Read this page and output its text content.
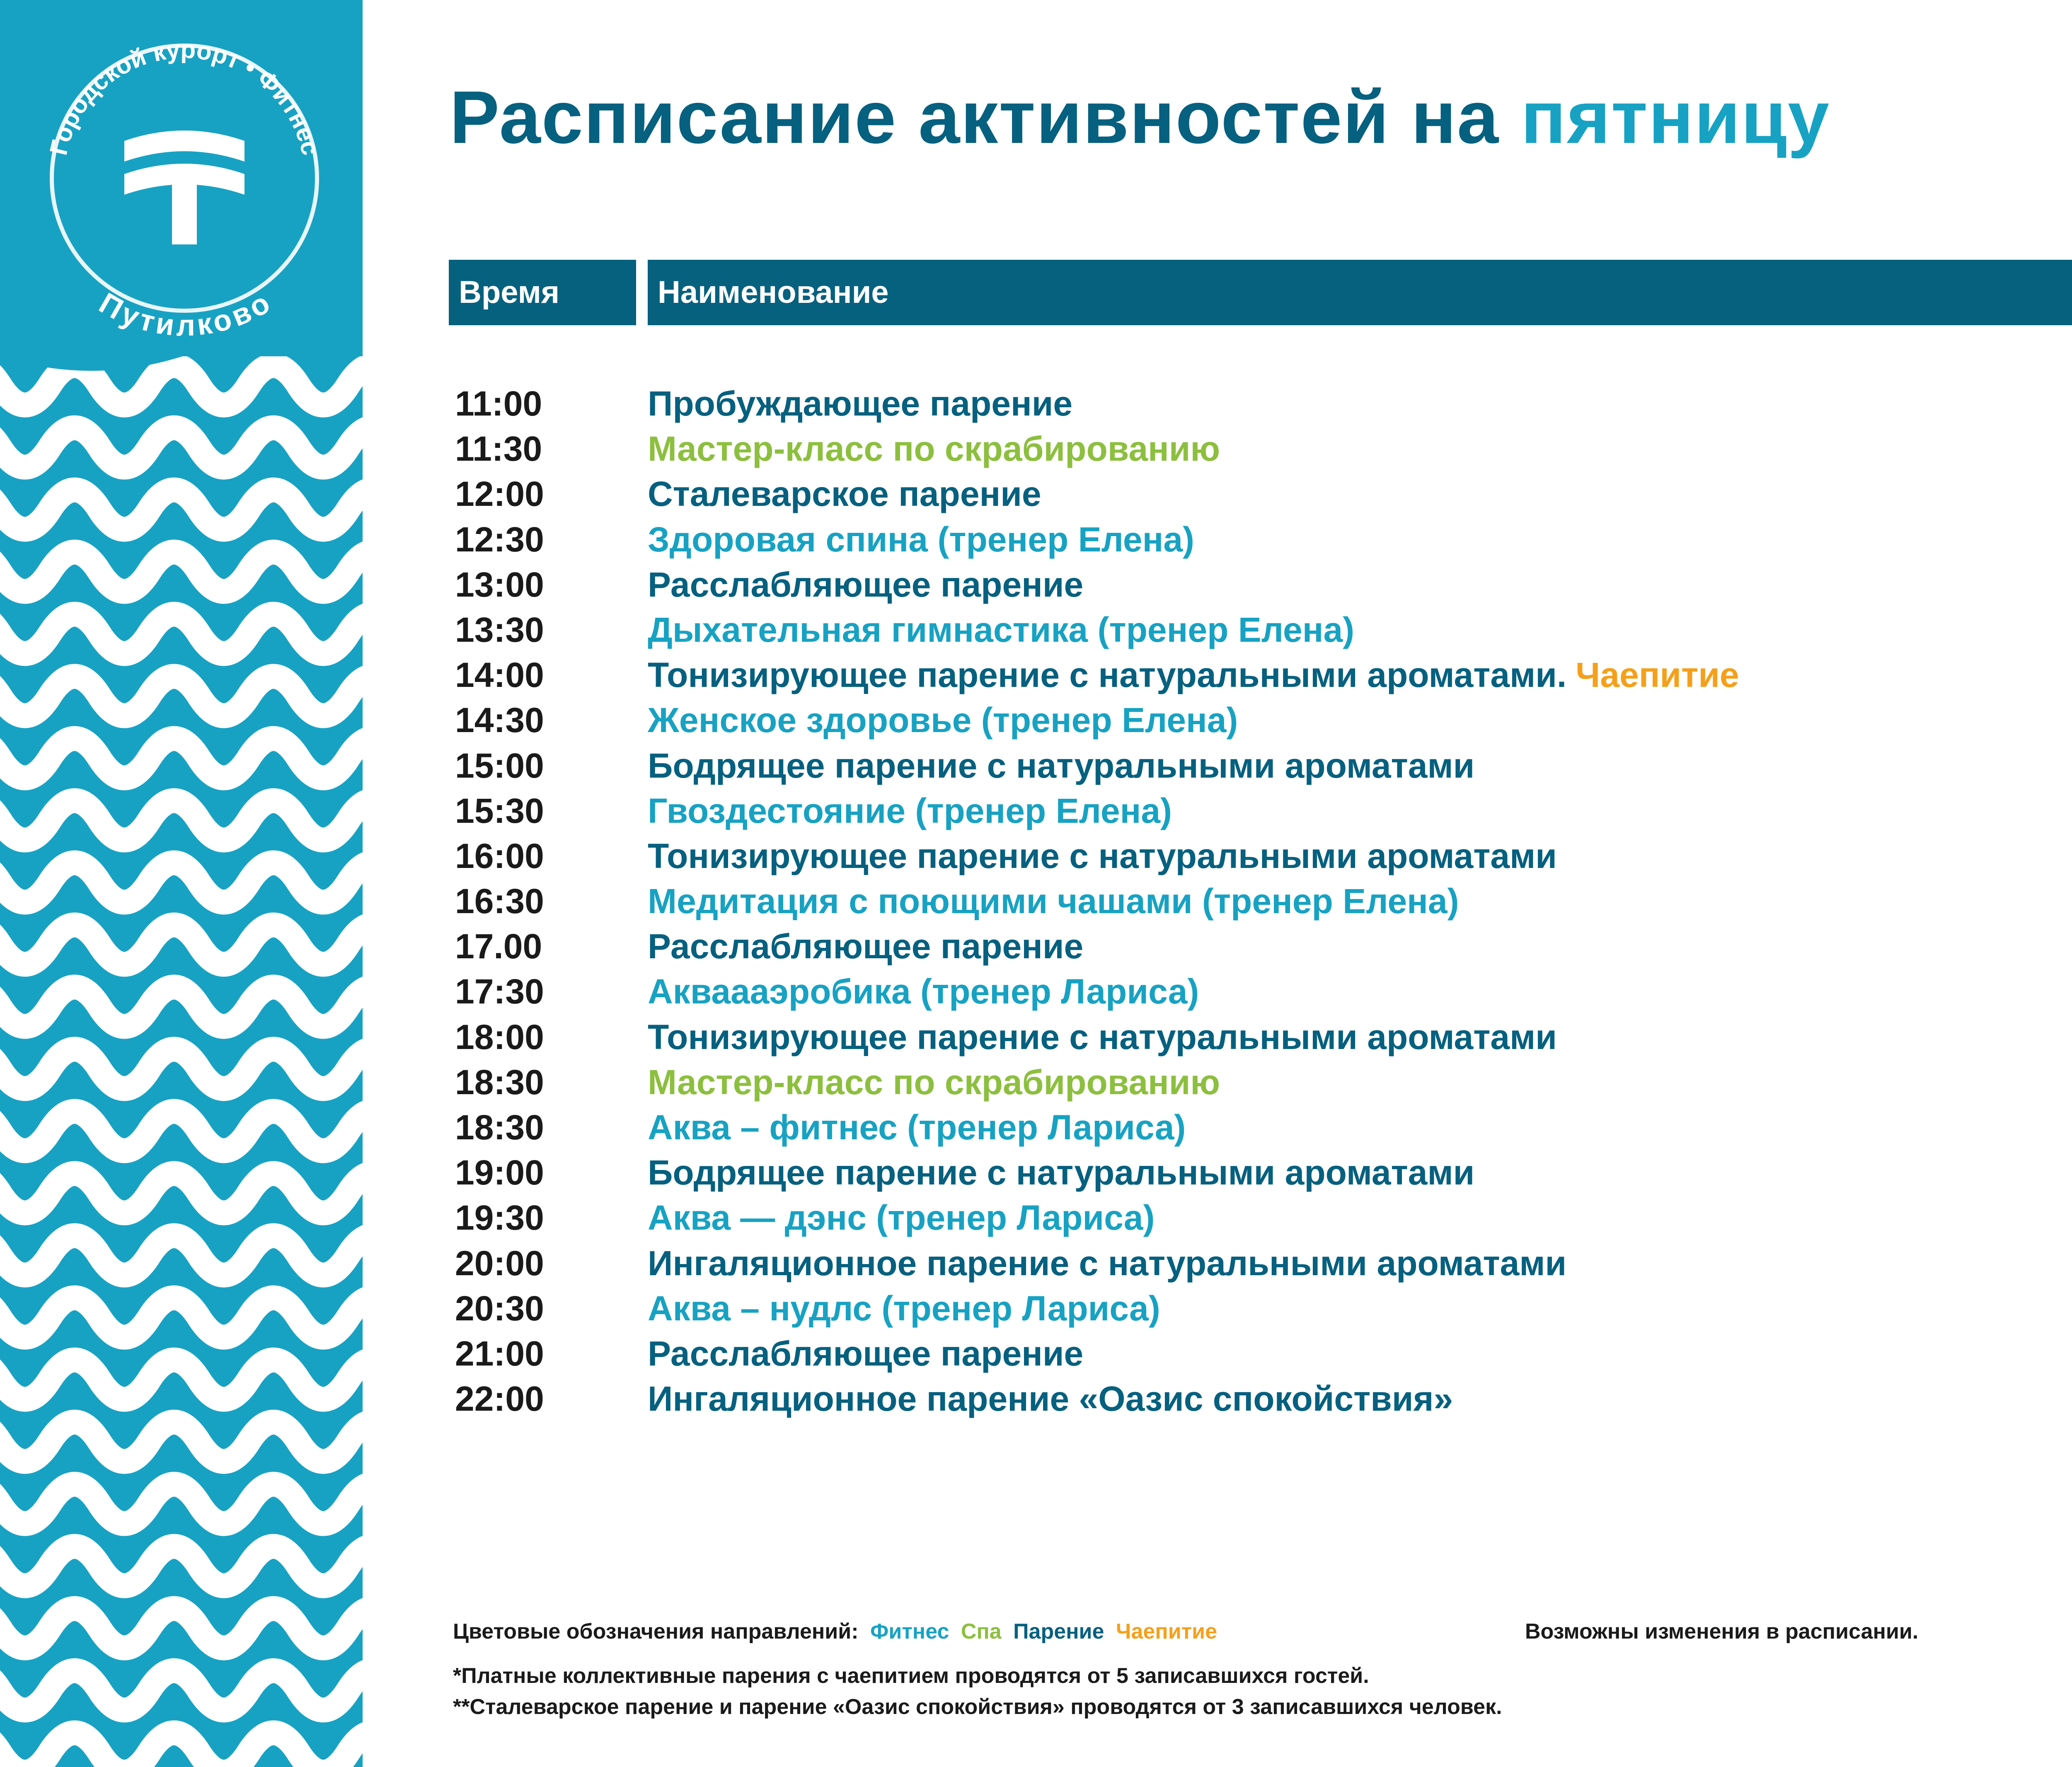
Городской курорт • Фитнес
Путилково
Расписание активностей на пятницу
Время	Наименование
11:00	Пробуждающее парение
11:30	Мастер-класс по скрабированию
12:00	Сталеварское парение
12:30	Здоровая спина (тренер Елена)
13:00	Расслабляющее парение
13:30	Дыхательная гимнастика (тренер Елена)
14:00	Тонизирующее парение с натуральными ароматами. Чаепитие
14:30	Женское здоровье (тренер Елена)
15:00	Бодрящее парение с натуральными ароматами
15:30	Гвоздестояние (тренер Елена)
16:00	Тонизирующее парение с натуральными ароматами
16:30	Медитация с поющими чашами (тренер Елена)
17.00	Расслабляющее парение
17:30	Акваааэробика (тренер Лариса)
18:00	Тонизирующее парение с натуральными ароматами
18:30	Мастер-класс по скрабированию
18:30	Аква – фитнес (тренер Лариса)
19:00	Бодрящее парение с натуральными ароматами
19:30	Аква — дэнс (тренер Лариса)
20:00	Ингаляционное парение с натуральными ароматами
20:30	Аква – нудлс (тренер Лариса)
21:00	Расслабляющее парение
22:00	Ингаляционное парение «Оазис спокойствия»
Цветовые обозначения направлений: Фитнес Спа Парение Чаепитие	Возможны изменения в расписании.
*Платные коллективные парения с чаепитием проводятся от 5 записавшихся гостей.
**Сталеварское парение и парение «Оазис спокойствия» проводятся от 3 записавшихся человек.
